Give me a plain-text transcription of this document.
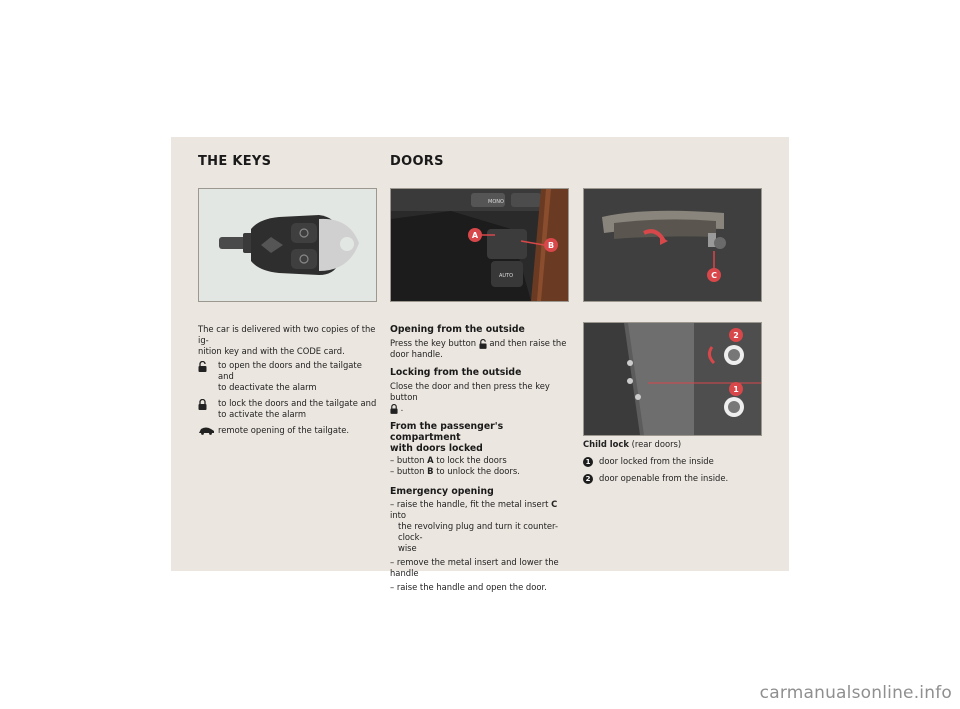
THE KEYS	DOORS
A
B
MONO
AUTO	C
2
1
The car is delivered with two copies of the ig-
nition key and with the CODE card.
to open the doors and the tailgate and
to deactivate the alarm
to lock the doors and the tailgate and
to activate the alarm
remote opening of the tailgate.
Opening from the outside
Press the key button and then raise the
door handle.
Locking from the outside
Close the door and then press the key button
.
From the passenger's compartment
with doors locked
– button A to lock the doors
– button B to unlock the doors.
Emergency opening
– raise the handle, fit the metal insert C into
the revolving plug and turn it counter-clock-
wise
– remove the metal insert and lower the handle
– raise the handle and open the door.
Child lock (rear doors)
1 door locked from the inside
2 door openable from the inside.
carmanualsonline.info
